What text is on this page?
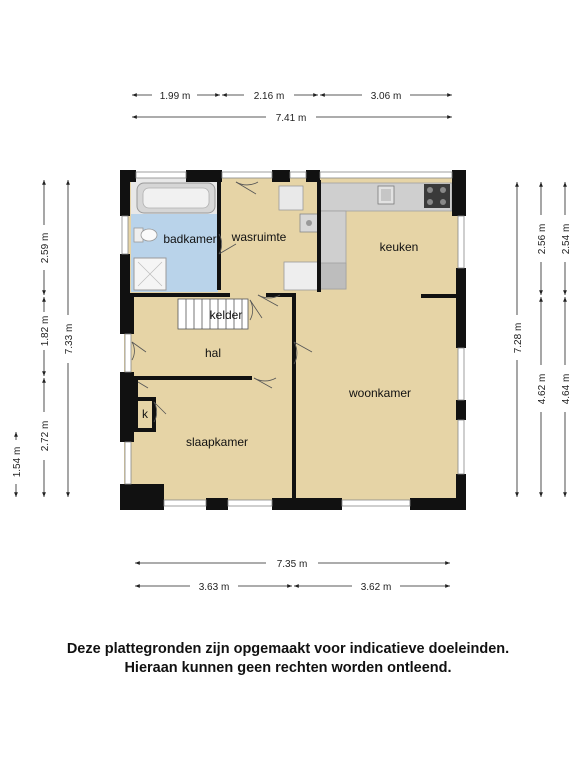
1.99 m	2.16 m	3.06 m
7.41 m
7.35 m
3.63 m	3.62 m
1.54 m
2.59 m
1.82 m
2.72 m
7.33 m	7.28 m
2.56 m
4.62 m
2.54 m
4.64 m
badkamer wasruimte
keuken
kelder
hal
k
woonkamer
slaapkamer
Deze plattegronden zijn opgemaakt voor indicatieve doeleinden.
Hieraan kunnen geen rechten worden ontleend.
